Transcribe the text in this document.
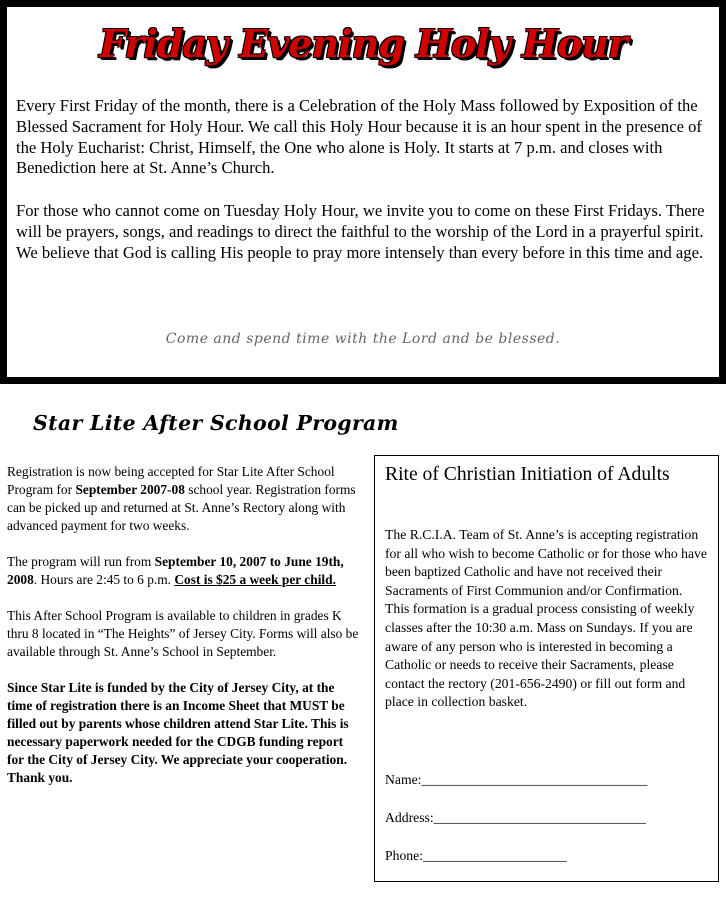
Friday Evening Holy Hour

Every First Friday of the month, there is a Celebration of the Holy Mass followed by Exposition of the Blessed Sacrament for Holy Hour. We call this Holy Hour because it is an hour spent in the presence of the Holy Eucharist: Christ, Himself, the One who alone is Holy. It starts at 7 p.m. and closes with Benediction here at St. Anne’s Church.

For those who cannot come on Tuesday Holy Hour, we invite you to come on these First Fridays. There will be prayers, songs, and readings to direct the faithful to the worship of the Lord in a prayerful spirit. We believe that God is calling His people to pray more intensely than every before in this time and age.

Come and spend time with the Lord and be blessed.
Star Lite After School Program

Registration is now being accepted for Star Lite After School Program for September 2007-08 school year. Registration forms can be picked up and returned at St. Anne’s Rectory along with advanced payment for two weeks.

The program will run from September 10, 2007 to June 19th, 2008. Hours are 2:45 to 6 p.m. Cost is $25 a week per child.

This After School Program is available to children in grades K thru 8 located in “The Heights” of Jersey City. Forms will also be available through St. Anne’s School in September.

Since Star Lite is funded by the City of Jersey City, at the time of registration there is an Income Sheet that MUST be filled out by parents whose children attend Star Lite. This is necessary paperwork needed for the CDGB funding report for the City of Jersey City. We appreciate your cooperation. Thank you.

Rite of Christian Initiation of Adults

The R.C.I.A. Team of St. Anne’s is accepting registration for all who wish to become Catholic or for those who have been baptized Catholic and have not received their Sacraments of First Communion and/or Confirmation.

This formation is a gradual process consisting of weekly classes after the 10:30 a.m. Mass on Sundays. If you are aware of any person who is interested in becoming a Catholic or needs to receive their Sacraments, please contact the rectory (201-656-2490) or fill out form and place in collection basket.

Name:_________________________________
Address:_______________________________
Phone:_____________________
